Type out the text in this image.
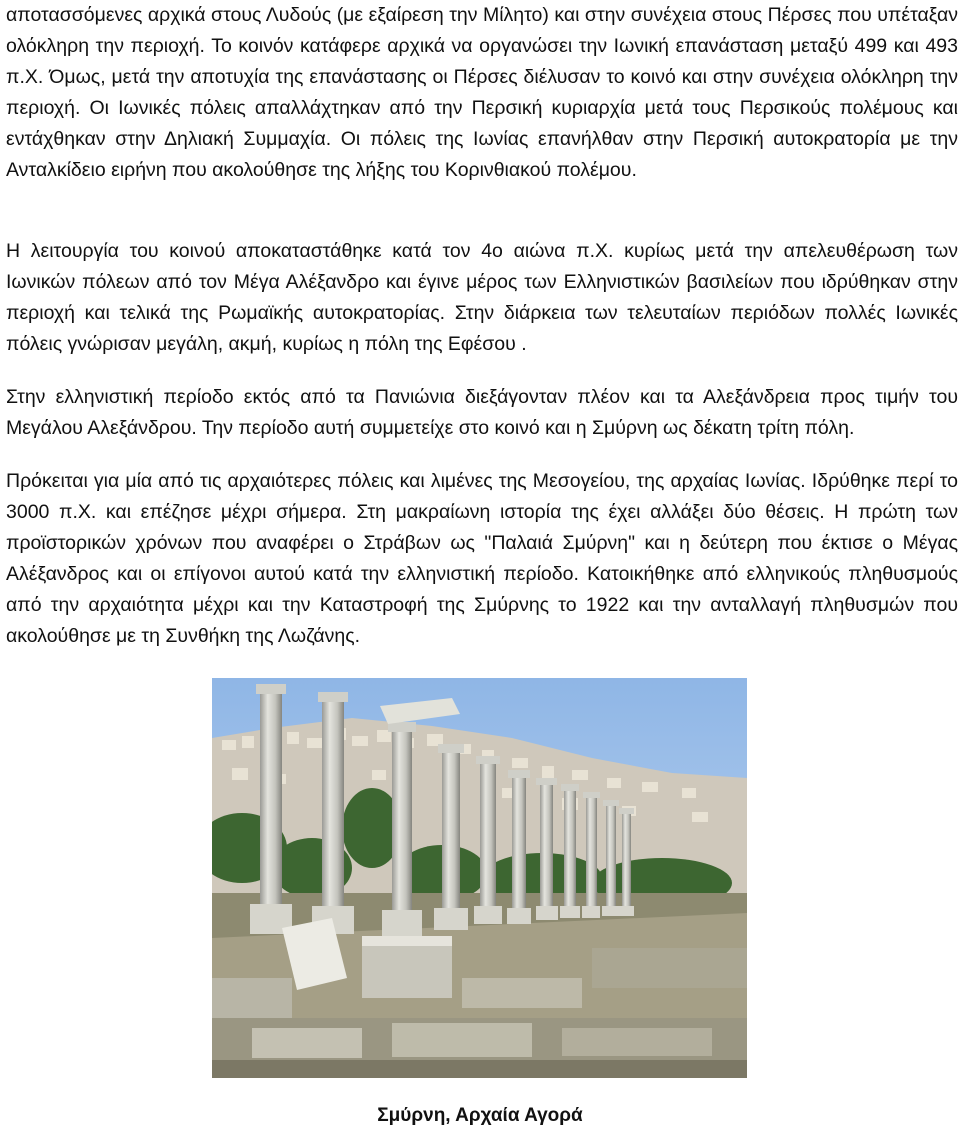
αποτασσόμενες αρχικά στους Λυδούς (με εξαίρεση την Μίλητο) και στην συνέχεια στους Πέρσες που υπέταξαν ολόκληρη την περιοχή. Το κοινόν κατάφερε αρχικά να οργανώσει την Ιωνική επανάσταση μεταξύ 499 και 493 π.Χ. Όμως, μετά την αποτυχία της επανάστασης οι Πέρσες διέλυσαν το κοινό και στην συνέχεια ολόκληρη την περιοχή. Οι Ιωνικές πόλεις απαλλάχτηκαν από την Περσική κυριαρχία μετά τους Περσικούς πολέμους και εντάχθηκαν στην Δηλιακή Συμμαχία. Οι πόλεις της Ιωνίας επανήλθαν στην Περσική αυτοκρατορία με την Ανταλκίδειο ειρήνη που ακολούθησε της λήξης του Κορινθιακού πολέμου.

Η λειτουργία του κοινού αποκαταστάθηκε κατά τον 4ο αιώνα π.Χ. κυρίως μετά την απελευθέρωση των Ιωνικών πόλεων από τον Μέγα Αλέξανδρο και έγινε μέρος των Ελληνιστικών βασιλείων που ιδρύθηκαν στην περιοχή και τελικά της Ρωμαϊκής αυτοκρατορίας. Στην διάρκεια των τελευταίων περιόδων πολλές Ιωνικές πόλεις γνώρισαν μεγάλη, ακμή, κυρίως η πόλη της Εφέσου .

Στην ελληνιστική περίοδο εκτός από τα Πανιώνια διεξάγονταν πλέον και τα Αλεξάνδρεια προς τιμήν του Μεγάλου Αλεξάνδρου. Την περίοδο αυτή συμμετείχε στο κοινό και η Σμύρνη ως δέκατη τρίτη πόλη.

Πρόκειται για μία από τις αρχαιότερες πόλεις και λιμένες της Μεσογείου, της αρχαίας Ιωνίας. Ιδρύθηκε περί το 3000 π.Χ. και επέζησε μέχρι σήμερα. Στη μακραίωνη ιστορία της έχει αλλάξει δύο θέσεις. Η πρώτη των προϊστορικών χρόνων που αναφέρει ο Στράβων ως "Παλαιά Σμύρνη" και η δεύτερη που έκτισε ο Μέγας Αλέξανδρος και οι επίγονοι αυτού κατά την ελληνιστική περίοδο. Κατοικήθηκε από ελληνικούς πληθυσμούς από την αρχαιότητα μέχρι και την Καταστροφή της Σμύρνης το 1922 και την ανταλλαγή πληθυσμών που ακολούθησε με τη Συνθήκη της Λωζάνης.

Σμύρνη, Αρχαία Αγορά
